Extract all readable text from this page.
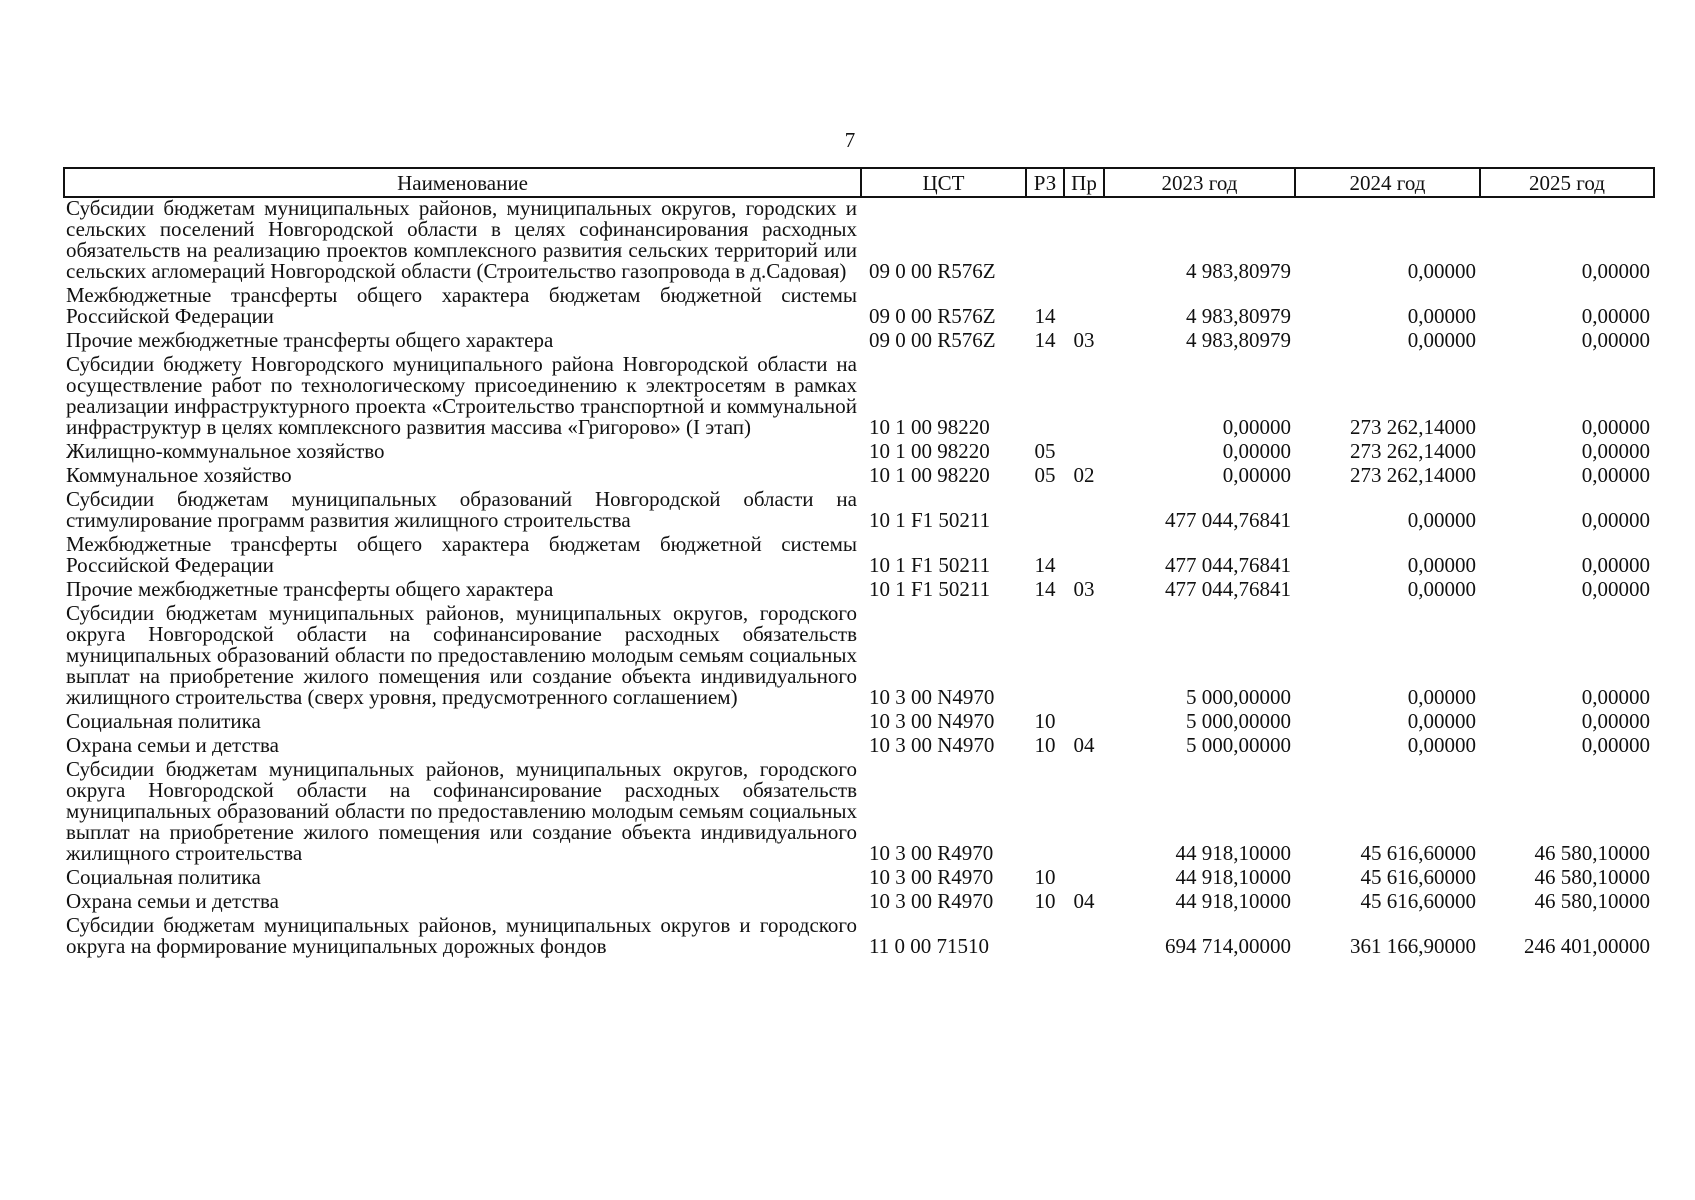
7
Наименование	ЦСТ	РЗ	Пр	2023 год	2024 год	2025 год
Субсидии бюджетам муниципальных районов, муниципальных округов, городских и сельских поселений Новгородской области в целях софинансирования расходных обязательств на реализацию проектов комплексного развития сельских территорий или сельских агломераций Новгородской области (Строительство газопровода в д.Садовая)	09 0 00 R576Z			4 983,80979	0,00000	0,00000
Межбюджетные трансферты общего характера бюджетам бюджетной системы Российской Федерации	09 0 00 R576Z	14		4 983,80979	0,00000	0,00000
Прочие межбюджетные трансферты общего характера	09 0 00 R576Z	14	03	4 983,80979	0,00000	0,00000
Субсидии бюджету Новгородского муниципального района Новгородской области на осуществление работ по технологическому присоединению к электросетям в рамках реализации инфраструктурного проекта «Строительство транспортной и коммунальной инфраструктур в целях комплексного развития массива «Григорово» (I этап)	10 1 00 98220			0,00000	273 262,14000	0,00000
Жилищно-коммунальное хозяйство	10 1 00 98220	05		0,00000	273 262,14000	0,00000
Коммунальное хозяйство	10 1 00 98220	05	02	0,00000	273 262,14000	0,00000
Субсидии бюджетам муниципальных образований Новгородской области на стимулирование программ развития жилищного строительства	10 1 F1 50211			477 044,76841	0,00000	0,00000
Межбюджетные трансферты общего характера бюджетам бюджетной системы Российской Федерации	10 1 F1 50211	14		477 044,76841	0,00000	0,00000
Прочие межбюджетные трансферты общего характера	10 1 F1 50211	14	03	477 044,76841	0,00000	0,00000
Субсидии бюджетам муниципальных районов, муниципальных округов, городского округа Новгородской области на софинансирование расходных обязательств муниципальных образований области по предоставлению молодым семьям социальных выплат на приобретение жилого помещения или создание объекта индивидуального жилищного строительства (сверх уровня, предусмотренного соглашением)	10 3 00 N4970			5 000,00000	0,00000	0,00000
Социальная политика	10 3 00 N4970	10		5 000,00000	0,00000	0,00000
Охрана семьи и детства	10 3 00 N4970	10	04	5 000,00000	0,00000	0,00000
Субсидии бюджетам муниципальных районов, муниципальных округов, городского округа Новгородской области на софинансирование расходных обязательств муниципальных образований области по предоставлению молодым семьям социальных выплат на приобретение жилого помещения или создание объекта индивидуального жилищного строительства	10 3 00 R4970			44 918,10000	45 616,60000	46 580,10000
Социальная политика	10 3 00 R4970	10		44 918,10000	45 616,60000	46 580,10000
Охрана семьи и детства	10 3 00 R4970	10	04	44 918,10000	45 616,60000	46 580,10000
Субсидии бюджетам муниципальных районов, муниципальных округов и городского округа на формирование муниципальных дорожных фондов	11 0 00 71510			694 714,00000	361 166,90000	246 401,00000
